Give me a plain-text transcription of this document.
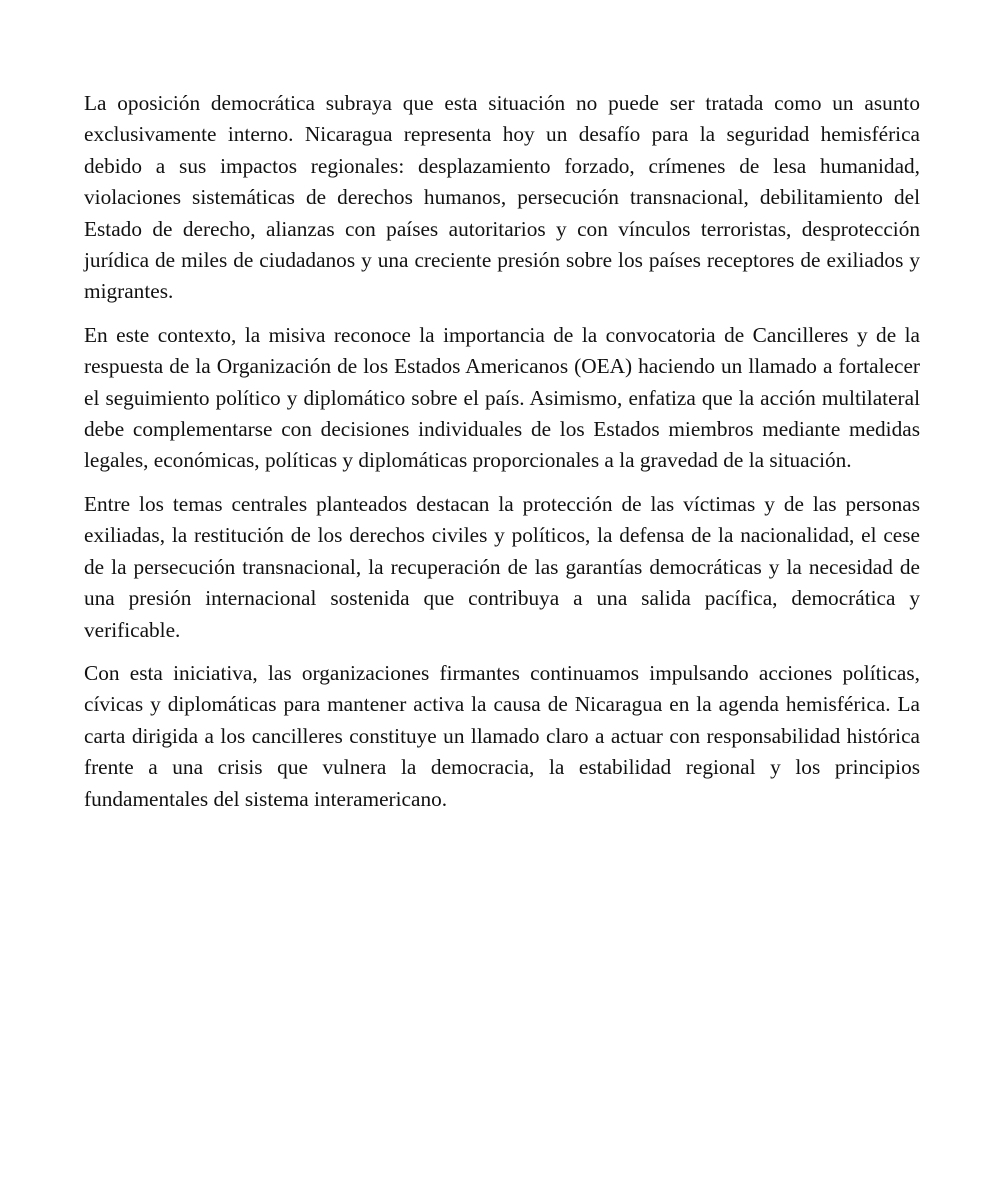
La oposición democrática subraya que esta situación no puede ser tratada como un asunto exclusivamente interno. Nicaragua representa hoy un desafío para la seguridad hemisférica debido a sus impactos regionales: desplazamiento forzado, crímenes de lesa humanidad, violaciones sistemáticas de derechos humanos, persecución transnacional, debilitamiento del Estado de derecho, alianzas con países autoritarios y con vínculos terroristas, desprotección jurídica de miles de ciudadanos y una creciente presión sobre los países receptores de exiliados y migrantes.

En este contexto, la misiva reconoce la importancia de la convocatoria de Cancilleres y de la respuesta de la Organización de los Estados Americanos (OEA) haciendo un llamado a fortalecer el seguimiento político y diplomático sobre el país. Asimismo, enfatiza que la acción multilateral debe complementarse con decisiones individuales de los Estados miembros mediante medidas legales, económicas, políticas y diplomáticas proporcionales a la gravedad de la situación.

Entre los temas centrales planteados destacan la protección de las víctimas y de las personas exiliadas, la restitución de los derechos civiles y políticos, la defensa de la nacionalidad, el cese de la persecución transnacional, la recuperación de las garantías democráticas y la necesidad de una presión internacional sostenida que contribuya a una salida pacífica, democrática y verificable.

Con esta iniciativa, las organizaciones firmantes continuamos impulsando acciones políticas, cívicas y diplomáticas para mantener activa la causa de Nicaragua en la agenda hemisférica. La carta dirigida a los cancilleres constituye un llamado claro a actuar con responsabilidad histórica frente a una crisis que vulnera la democracia, la estabilidad regional y los principios fundamentales del sistema interamericano.
